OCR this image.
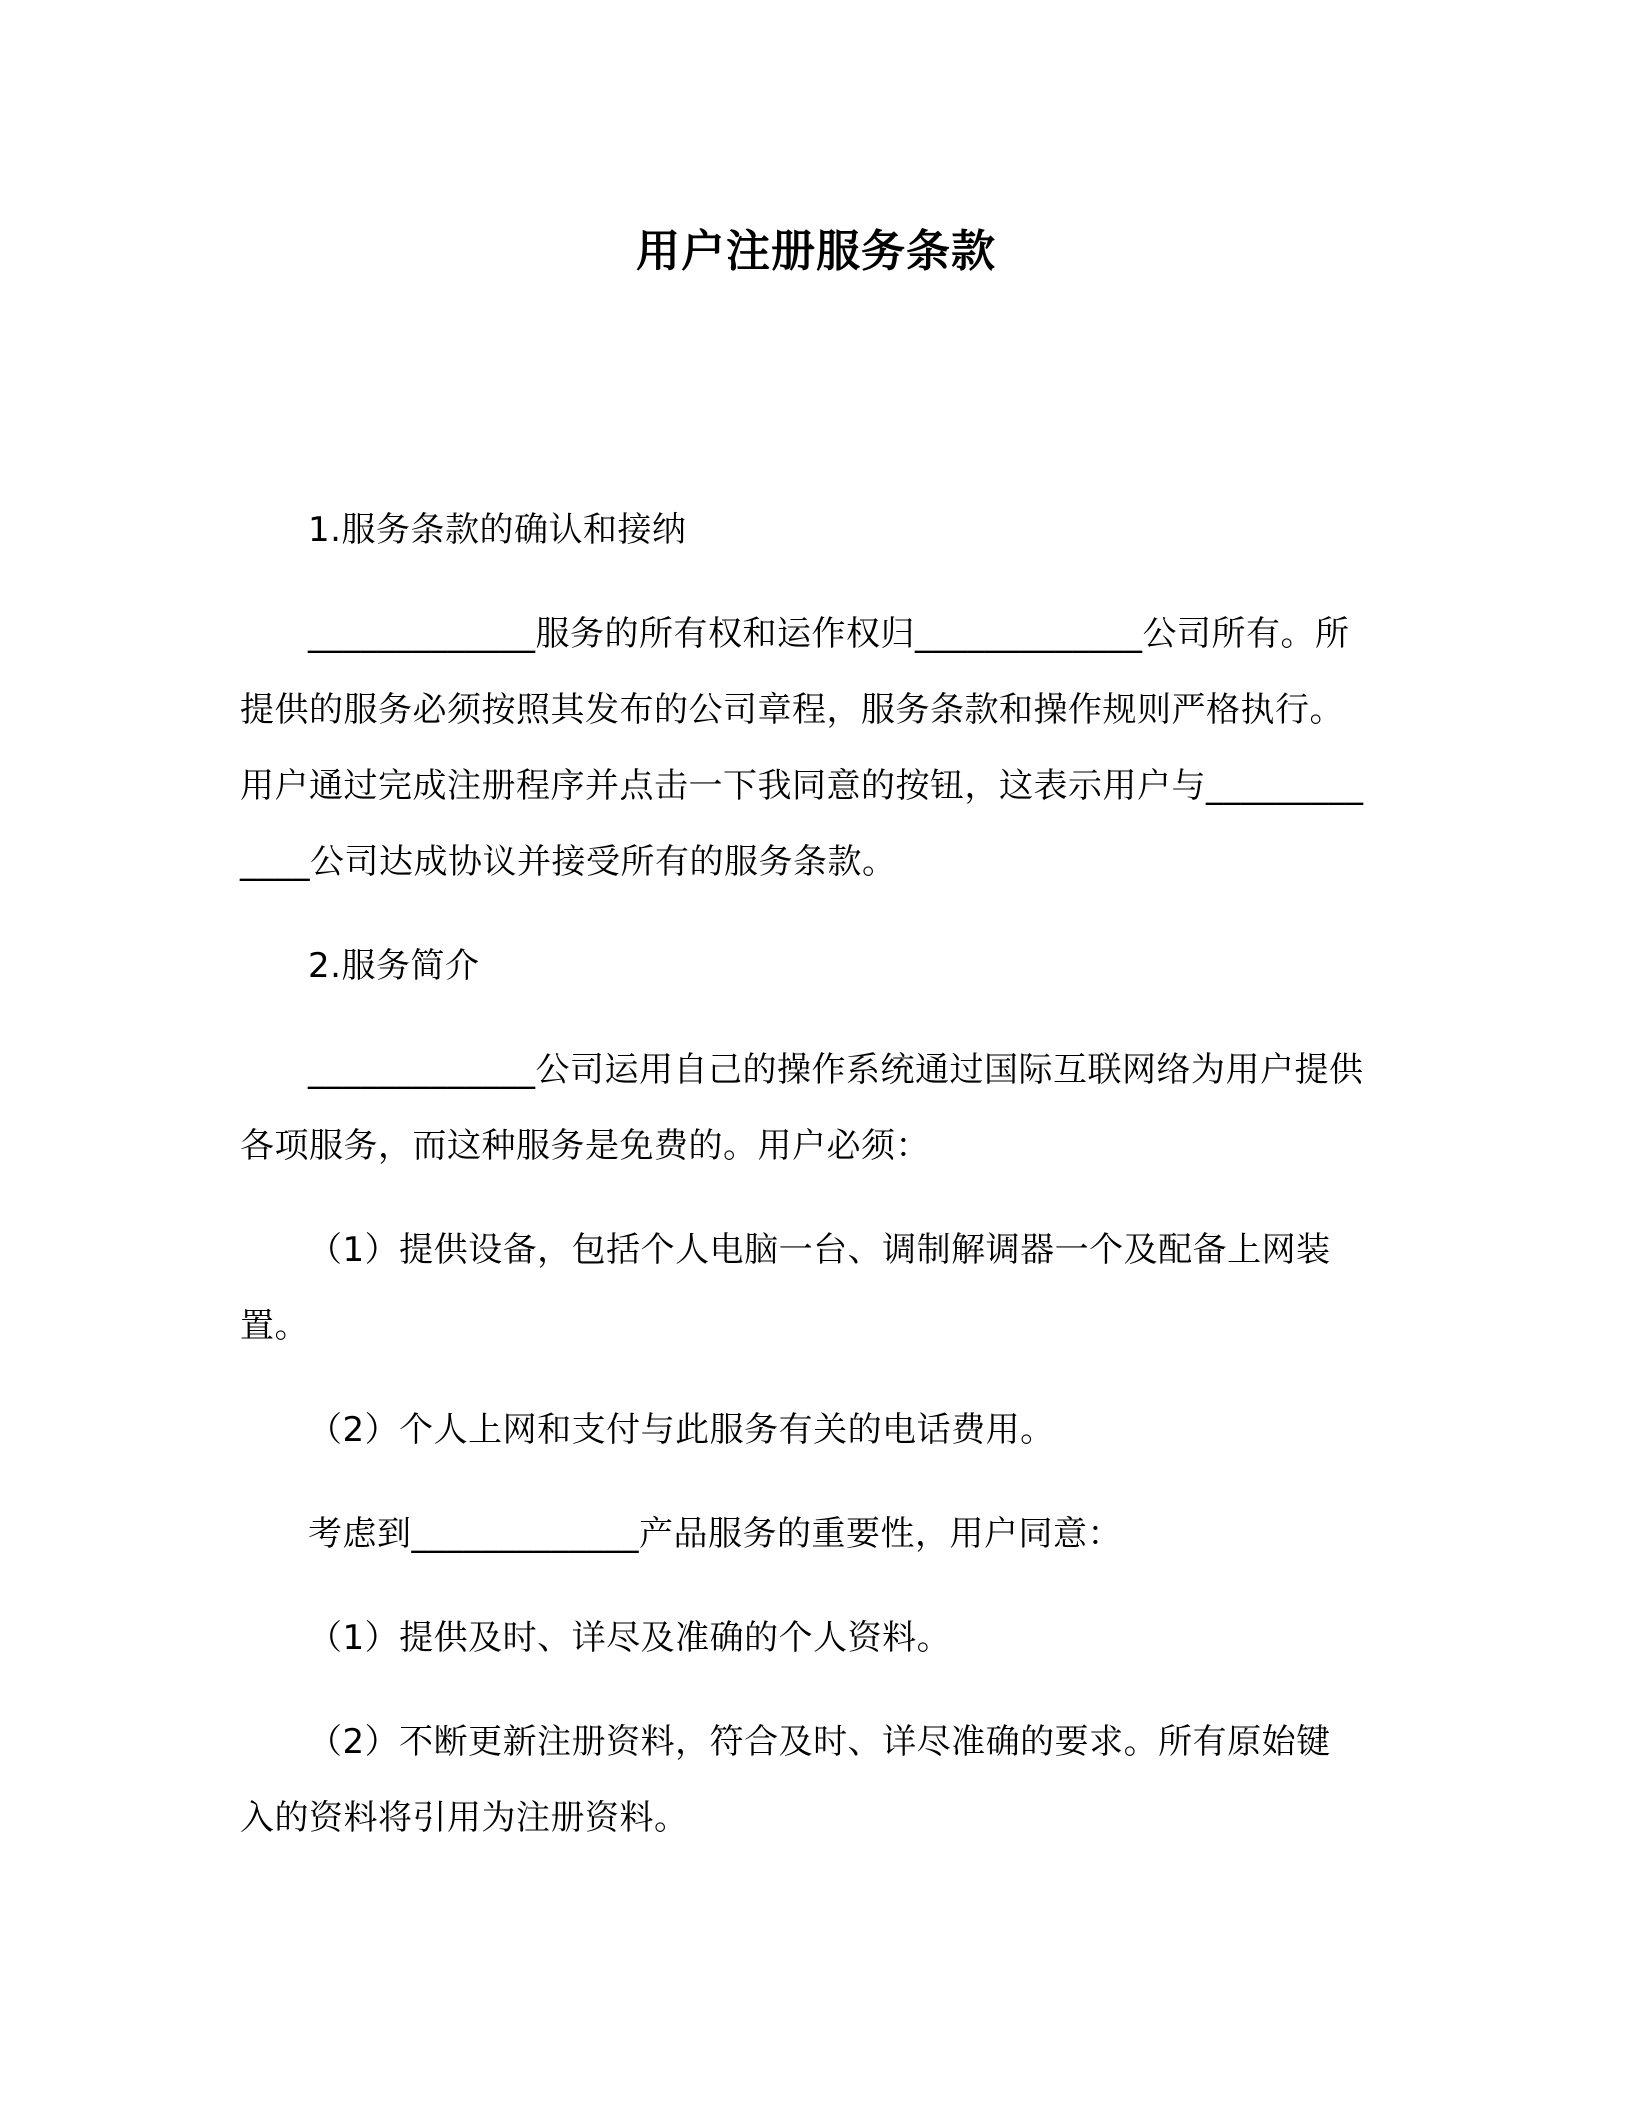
用户注册服务条款

1.服务条款的确认和接纳

_____________服务的所有权和运作权归_____________公司所有。所提供的服务必须按照其发布的公司章程，服务条款和操作规则严格执行。用户通过完成注册程序并点击一下我同意的按钮，这表示用户与_____________公司达成协议并接受所有的服务条款。

2.服务简介

_____________公司运用自己的操作系统通过国际互联网络为用户提供各项服务，而这种服务是免费的。用户必须：

（1）提供设备，包括个人电脑一台、调制解调器一个及配备上网装置。

（2）个人上网和支付与此服务有关的电话费用。

考虑到_____________产品服务的重要性，用户同意：

（1）提供及时、详尽及准确的个人资料。

（2）不断更新注册资料，符合及时、详尽准确的要求。所有原始键入的资料将引用为注册资料。
